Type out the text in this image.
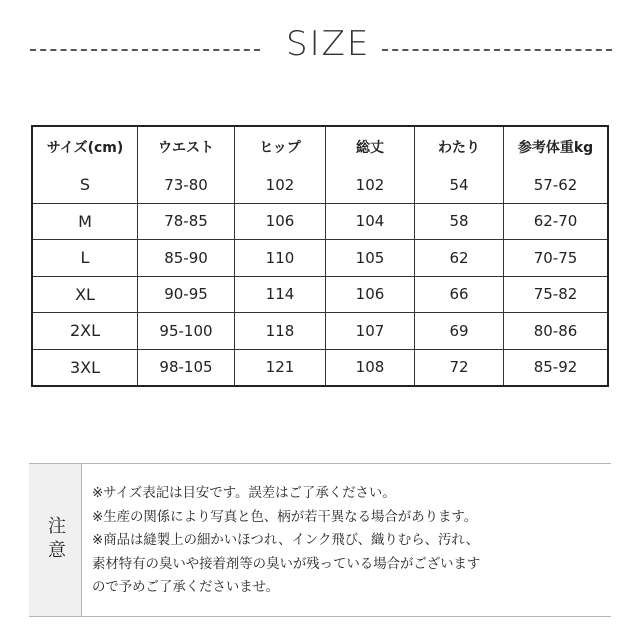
SIZE
サイズ(cm)	ウエスト	ヒップ	総丈	わたり	参考体重kg
S	73-80	102	102	54	57-62
M	78-85	106	104	58	62-70
L	85-90	110	105	62	70-75
XL	90-95	114	106	66	75-82
2XL	95-100	118	107	69	80-86
3XL	98-105	121	108	72	85-92
注意
※サイズ表記は目安です。誤差はご了承ください。
※生産の関係により写真と色、柄が若干異なる場合があります。
※商品は縫製上の細かいほつれ、インク飛び、織りむら、汚れ、
素材特有の臭いや接着剤等の臭いが残っている場合がございます
ので予めご了承くださいませ。
